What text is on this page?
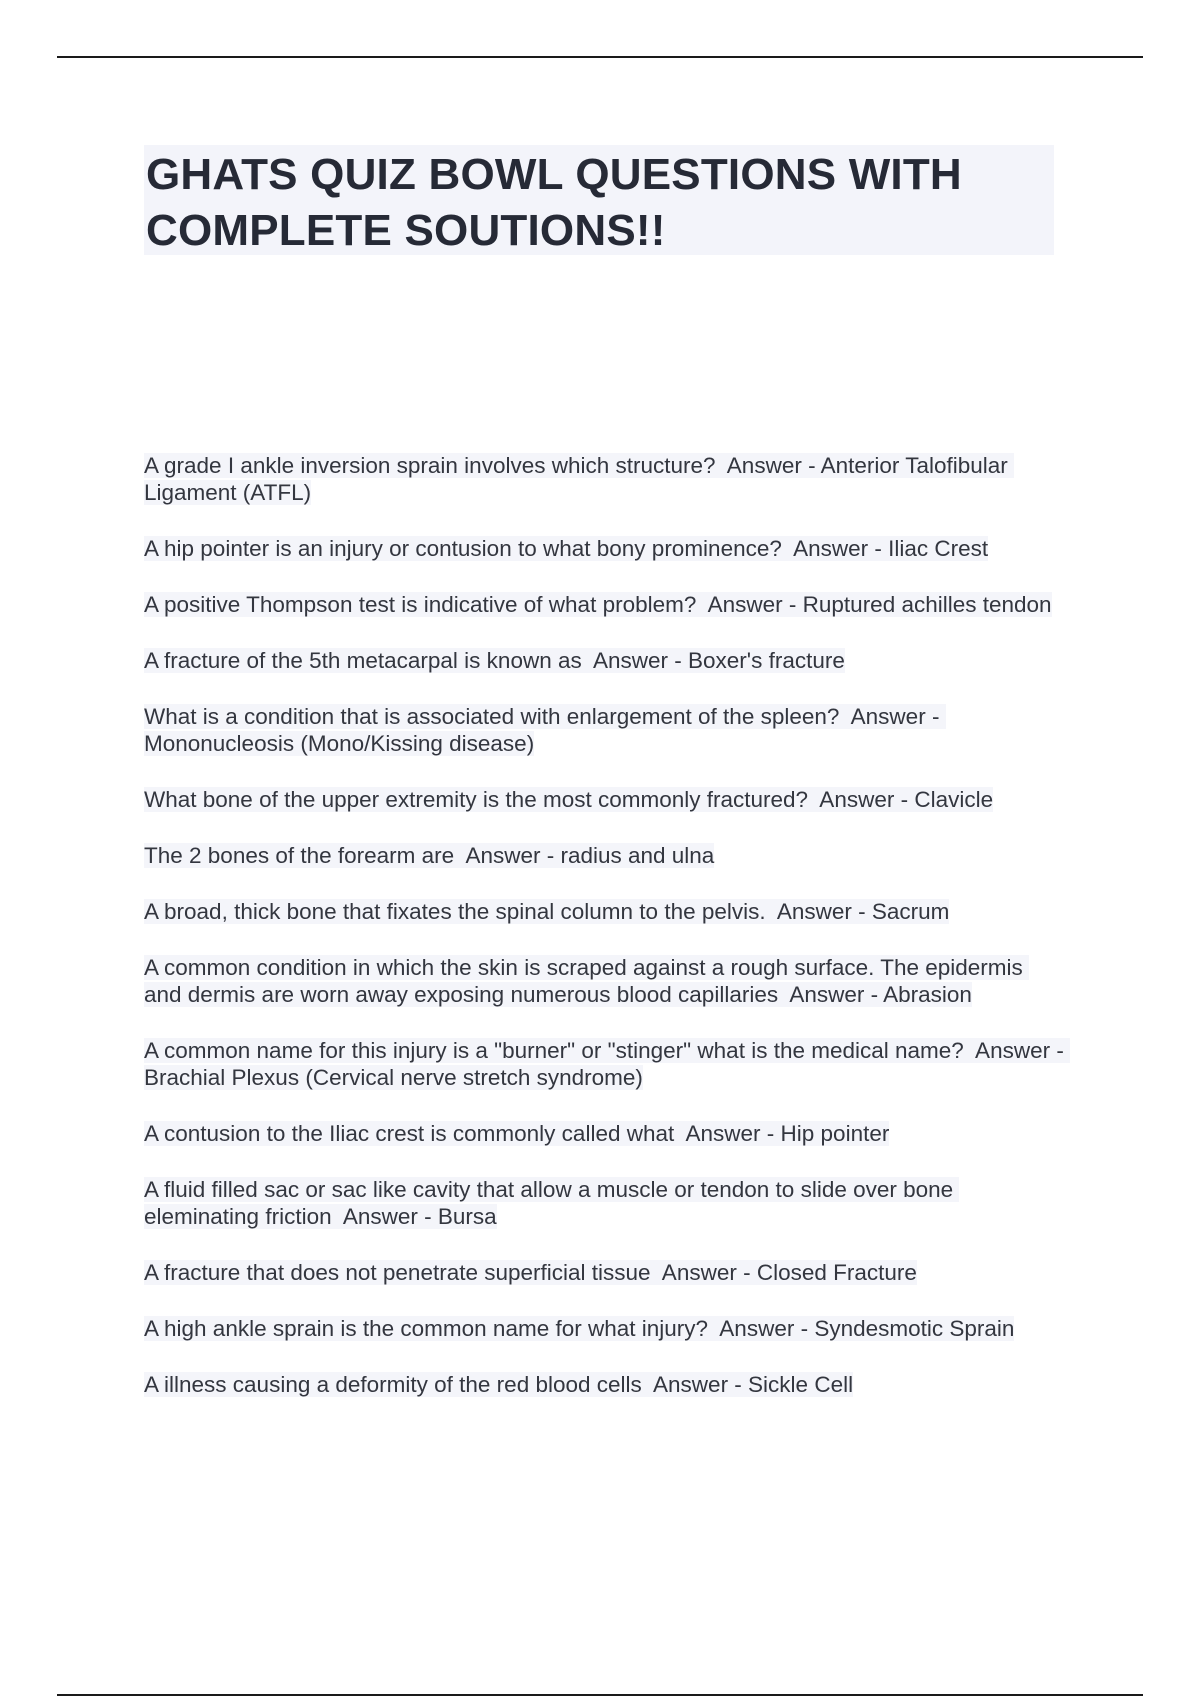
GHATS QUIZ BOWL QUESTIONS WITH COMPLETE SOUTIONS!!
A grade I ankle inversion sprain involves which structure?  Answer - Anterior Talofibular Ligament (ATFL)
A hip pointer is an injury or contusion to what bony prominence?  Answer - Iliac Crest
A positive Thompson test is indicative of what problem?  Answer - Ruptured achilles tendon
A fracture of the 5th metacarpal is known as  Answer - Boxer's fracture
What is a condition that is associated with enlargement of the spleen?  Answer - Mononucleosis (Mono/Kissing disease)
What bone of the upper extremity is the most commonly fractured?  Answer - Clavicle
The 2 bones of the forearm are  Answer - radius and ulna
A broad, thick bone that fixates the spinal column to the pelvis.  Answer - Sacrum
A common condition in which the skin is scraped against a rough surface. The epidermis and dermis are worn away exposing numerous blood capillaries  Answer - Abrasion
A common name for this injury is a "burner" or "stinger" what is the medical name?  Answer - Brachial Plexus (Cervical nerve stretch syndrome)
A contusion to the Iliac crest is commonly called what  Answer - Hip pointer
A fluid filled sac or sac like cavity that allow a muscle or tendon to slide over bone eleminating friction  Answer - Bursa
A fracture that does not penetrate superficial tissue  Answer - Closed Fracture
A high ankle sprain is the common name for what injury?  Answer - Syndesmotic Sprain
A illness causing a deformity of the red blood cells  Answer - Sickle Cell
